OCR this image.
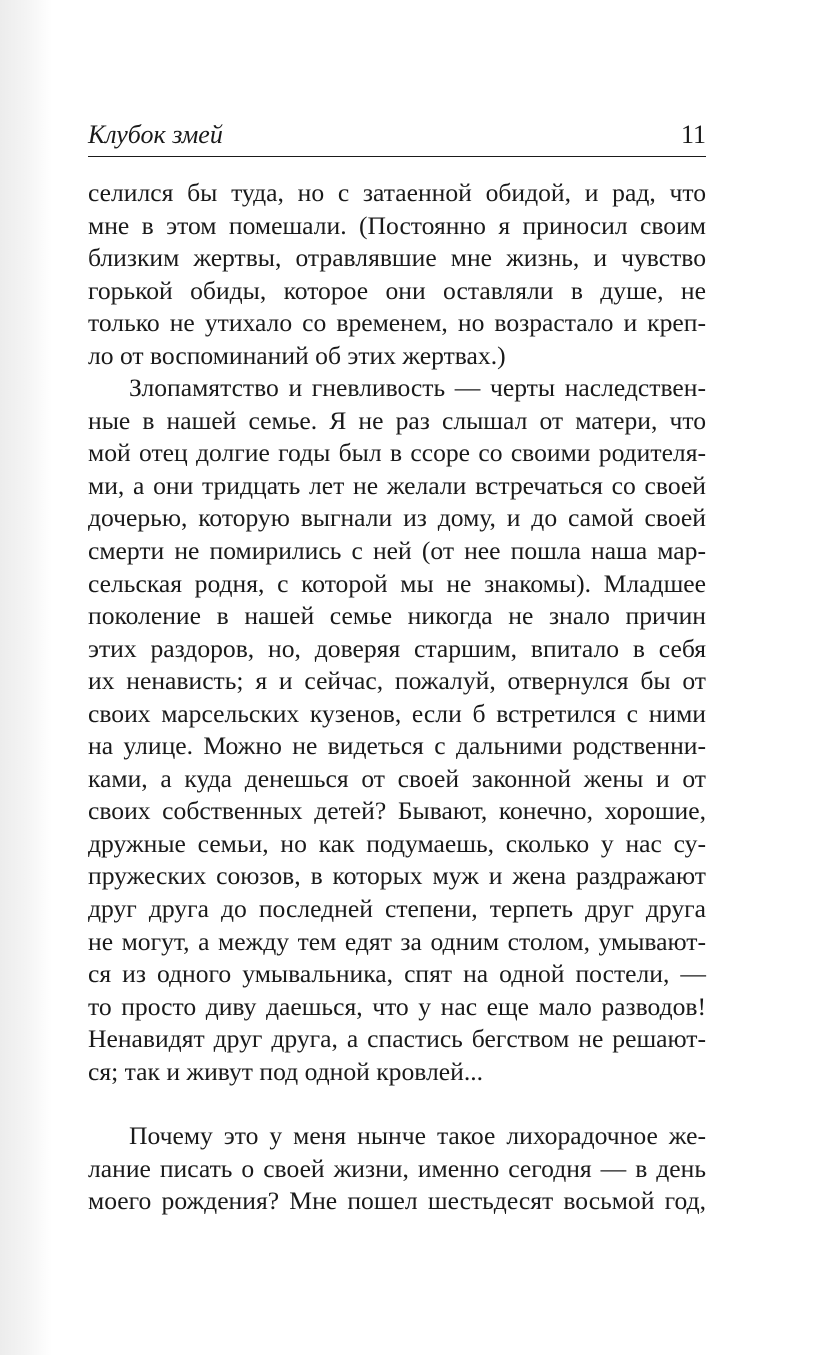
Клубок змей	11

селился бы туда, но с затаенной обидой, и рад, что
мне в этом помешали. (Постоянно я приносил своим
близким жертвы, отравлявшие мне жизнь, и чувство
горькой обиды, которое они оставляли в душе, не
только не утихало со временем, но возрастало и креп-
ло от воспоминаний об этих жертвах.)

Злопамятство и гневливость — черты наследствен-
ные в нашей семье. Я не раз слышал от матери, что
мой отец долгие годы был в ссоре со своими родителя-
ми, а они тридцать лет не желали встречаться со своей
дочерью, которую выгнали из дому, и до самой своей
смерти не помирились с ней (от нее пошла наша мар-
сельская родня, с которой мы не знакомы). Младшее
поколение в нашей семье никогда не знало причин
этих раздоров, но, доверяя старшим, впитало в себя
их ненависть; я и сейчас, пожалуй, отвернулся бы от
своих марсельских кузенов, если б встретился с ними
на улице. Можно не видеться с дальними родственни-
ками, а куда денешься от своей законной жены и от
своих собственных детей? Бывают, конечно, хорошие,
дружные семьи, но как подумаешь, сколько у нас су-
пружеских союзов, в которых муж и жена раздражают
друг друга до последней степени, терпеть друг друга
не могут, а между тем едят за одним столом, умывают-
ся из одного умывальника, спят на одной постели, —
то просто диву даешься, что у нас еще мало разводов!
Ненавидят друг друга, а спастись бегством не решают-
ся; так и живут под одной кровлей...

Почему это у меня нынче такое лихорадочное же-
лание писать о своей жизни, именно сегодня — в день
моего рождения? Мне пошел шестьдесят восьмой год,
